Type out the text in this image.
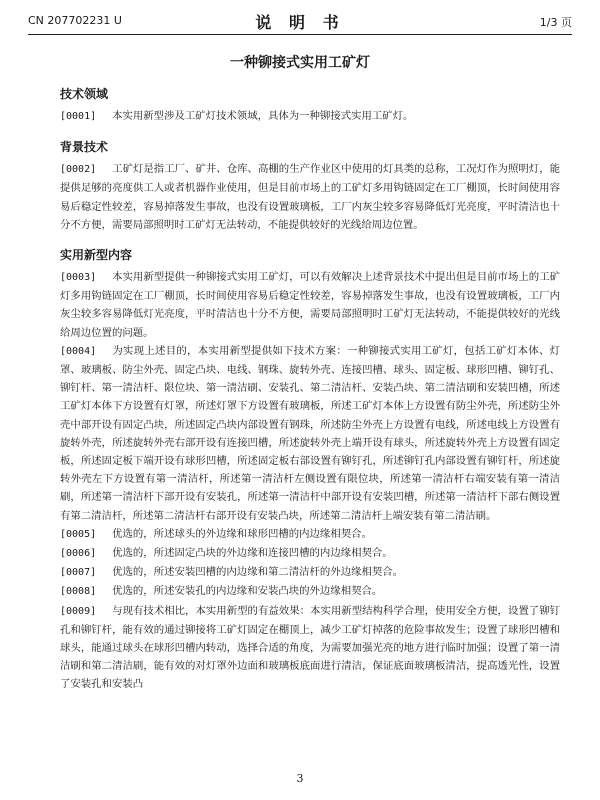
CN 207702231 U	说 明 书	1/3 页
一种铆接式实用工矿灯
技术领域

[0001] 本实用新型涉及工矿灯技术领域，具体为一种铆接式实用工矿灯。

背景技术

[0002] 工矿灯是指工厂、矿井、仓库、高棚的生产作业区中使用的灯具类的总称，工况灯作为照明灯，能提供足够的亮度供工人或者机器作业使用，但是目前市场上的工矿灯多用钩链固定在工厂棚顶，长时间使用容易后稳定性较差，容易掉落发生事故，也没有设置玻璃板，工厂内灰尘较多容易降低灯光亮度，平时清洁也十分不方便，需要局部照明时工矿灯无法转动，不能提供较好的光线给周边位置。

实用新型内容

[0003] 本实用新型提供一种铆接式实用工矿灯，可以有效解决上述背景技术中提出但是目前市场上的工矿灯多用钩链固定在工厂棚顶，长时间使用容易后稳定性较差，容易掉落发生事故，也没有设置玻璃板，工厂内灰尘较多容易降低灯光亮度，平时清洁也十分不方便，需要局部照明时工矿灯无法转动，不能提供较好的光线给周边位置的问题。

[0004] 为实现上述目的，本实用新型提供如下技术方案：一种铆接式实用工矿灯，包括工矿灯本体、灯罩、玻璃板、防尘外壳、固定凸块、电线、钢珠、旋转外壳、连接凹槽、球头、固定板、球形凹槽、铆钉孔、铆钉杆、第一清洁杆、限位块、第一清洁刷、安装孔、第二清洁杆、安装凸块、第二清洁刷和安装凹槽，所述工矿灯本体下方设置有灯罩，所述灯罩下方设置有玻璃板，所述工矿灯本体上方设置有防尘外壳，所述防尘外壳中部开设有固定凸块，所述固定凸块内部设置有钢珠，所述防尘外壳上方设置有电线，所述电线上方设置有旋转外壳，所述旋转外壳右部开设有连接凹槽，所述旋转外壳上端开设有球头，所述旋转外壳上方设置有固定板，所述固定板下端开设有球形凹槽，所述固定板右部设置有铆钉孔，所述铆钉孔内部设置有铆钉杆，所述旋转外壳左下方设置有第一清洁杆，所述第一清洁杆左侧设置有限位块，所述第一清洁杆右端安装有第一清洁刷，所述第一清洁杆下部开设有安装孔，所述第一清洁杆中部开设有安装凹槽，所述第一清洁杆下部右侧设置有第二清洁杆，所述第二清洁杆右部开设有安装凸块，所述第二清洁杆上端安装有第二清洁刷。

[0005] 优选的，所述球头的外边缘和球形凹槽的内边缘相契合。

[0006] 优选的，所述固定凸块的外边缘和连接凹槽的内边缘相契合。

[0007] 优选的，所述安装凹槽的内边缘和第二清洁杆的外边缘相契合。

[0008] 优选的，所述安装孔的内边缘和安装凸块的外边缘相契合。

[0009] 与现有技术相比，本实用新型的有益效果：本实用新型结构科学合理，使用安全方便，设置了铆钉孔和铆钉杆，能有效的通过铆接将工矿灯固定在棚顶上，减少工矿灯掉落的危险事故发生；设置了球形凹槽和球头，能通过球头在球形凹槽内转动，选择合适的角度，为需要加强光亮的地方进行临时加强；设置了第一清洁刷和第二清洁刷，能有效的对灯罩外边面和玻璃板底面进行清洁，保证底面玻璃板清洁，提高透光性，设置了安装孔和安装凸

3
